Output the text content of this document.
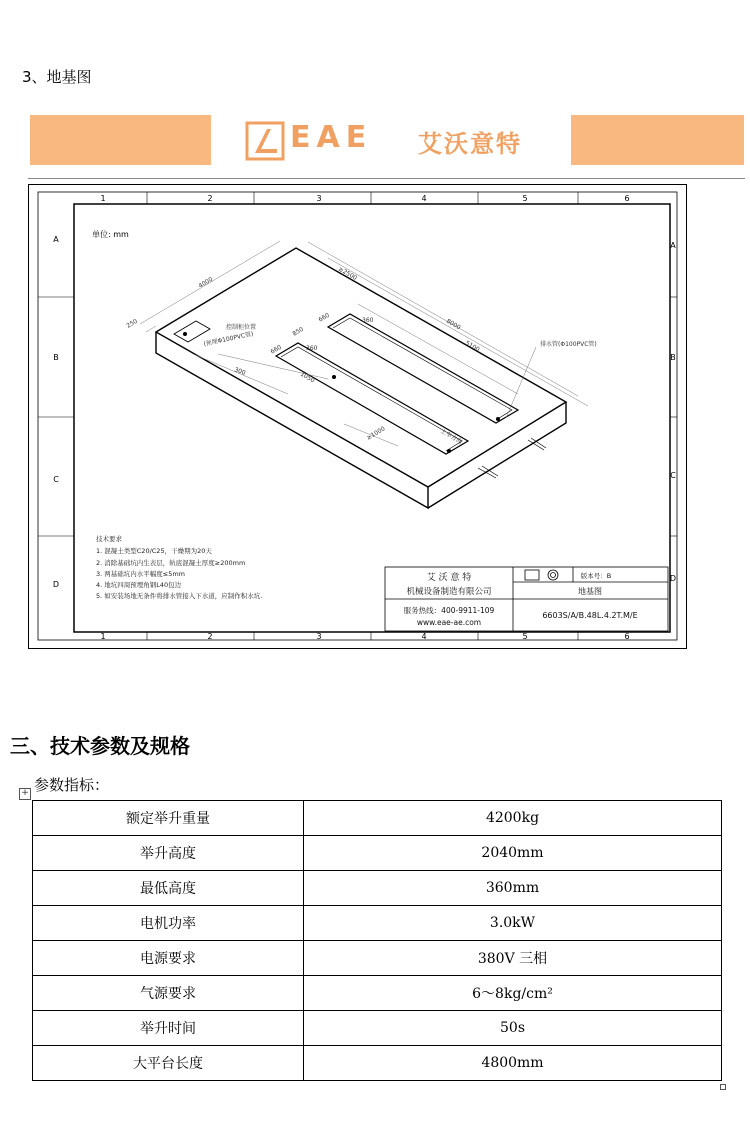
3、地基图
EAE 艾沃意特
1	2	3	4	5	6
1	2	3	4	5	6
A
B
C
D
A
B
C
D
单位: mm
4000
250
≥2500
8000
5100
660
850
660	360
360
300	1050
≥1000
控制柜位置
(预埋Φ100PVC管)	排水管(Φ100PVC管)
上车方向
技术要求
1. 混凝土类型C20/C25，干燥期为20天
2. 消除基础坑内生表层，轨底混凝土厚度≥200mm
3. 两基础坑内水平幅度≤5mm
4. 地坑四周预埋角钢L40包边
5. 如安装场地无条件将排水管接入下水道，应制作积水坑.
艾 沃 意 特
机械设备制造有限公司
服务热线：400-9911-109
www.eae-ae.com
版本号：B
地基图
6603S/A/B.48L.4.2T.M/E
三、技术参数及规格
参数指标：
+
额定举升重量	4200kg
举升高度	2040mm
最低高度	360mm
电机功率	3.0kW
电源要求	380V 三相
气源要求	6～8kg/cm²
举升时间	50s
大平台长度	4800mm
